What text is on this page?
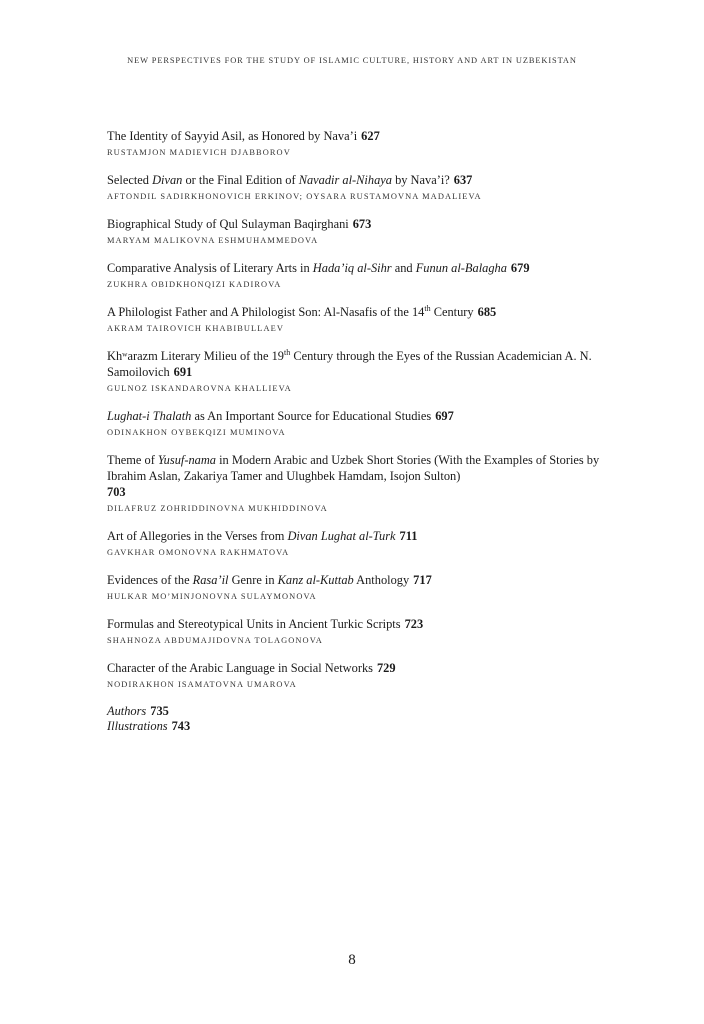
NEW PERSPECTIVES FOR THE STUDY OF ISLAMIC CULTURE, HISTORY AND ART IN UZBEKISTAN
The Identity of Sayyid Asil, as Honored by Nava’i 627
RUSTAMJON MADIEVICH DJABBOROV
Selected Divan or the Final Edition of Navadir al-Nihaya by Nava’i? 637
AFTONDIL SADIRKHONOVICH ERKINOV; OYSARA RUSTAMOVNA MADALIEVA
Biographical Study of Qul Sulayman Baqirghani 673
MARYAM MALIKOVNA ESHMUHAMMEDOVA
Comparative Analysis of Literary Arts in Hada’iq al-Sihr and Funun al-Balagha 679
ZUKHRA OBIDKHONQIZI KADIROVA
A Philologist Father and A Philologist Son: Al-Nasafis of the 14th Century 685
AKRAM TAIROVICH KHABIBULLAEV
Khʷarazm Literary Milieu of the 19th Century through the Eyes of the Russian Academician A. N. Samoilovich 691
GULNOZ ISKANDAROVNA KHALLIEVA
Lughat-i Thalath as An Important Source for Educational Studies 697
ODINAKHON OYBEKQIZI MUMINOVA
Theme of Yusuf-nama in Modern Arabic and Uzbek Short Stories (With the Examples of Stories by Ibrahim Aslan, Zakariya Tamer and Ulughbek Hamdam, Isojon Sulton)
703
DILAFRUZ ZOHRIDDINOVNA MUKHIDDINOVA
Art of Allegories in the Verses from Divan Lughat al-Turk 711
GAVKHAR OMONOVNA RAKHMATOVA
Evidences of the Rasa’il Genre in Kanz al-Kuttab Anthology 717
HULKAR MO’MINJONOVNA SULAYMONOVA
Formulas and Stereotypical Units in Ancient Turkic Scripts 723
SHAHNOZA ABDUMAJIDOVNA TOLAGONOVA
Character of the Arabic Language in Social Networks 729
NODIRAKHON ISAMATOVNA UMAROVA
Authors 735
Illustrations 743
8
